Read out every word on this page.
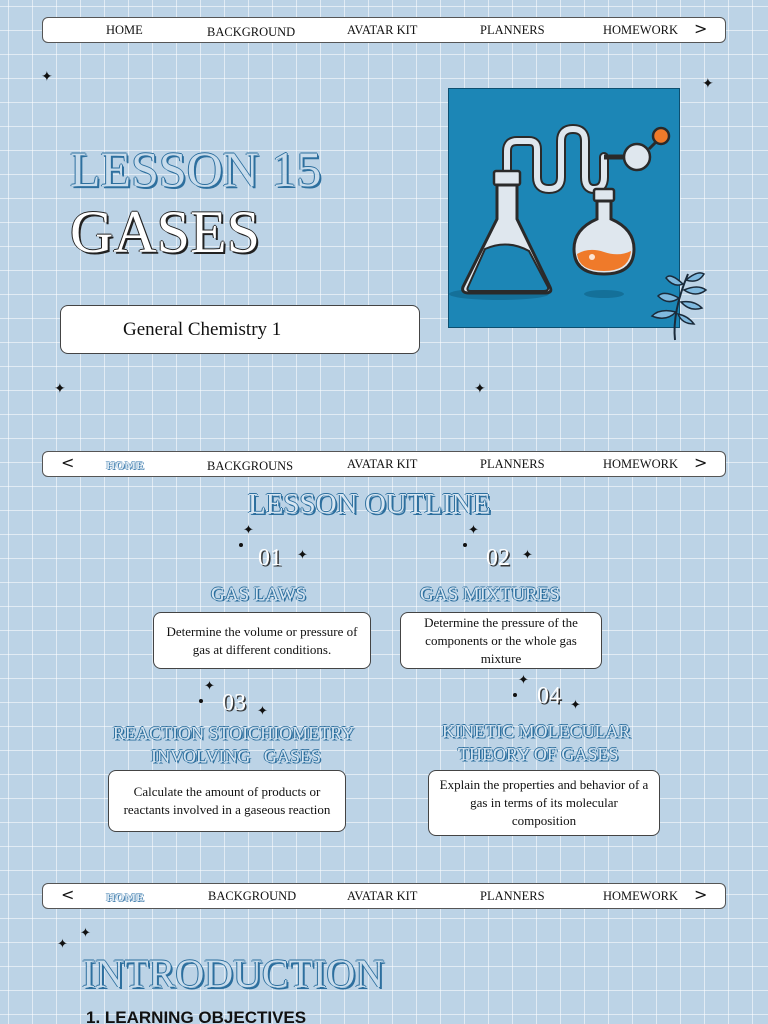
HOME	BACKGROUND	AVATAR KIT	PLANNERS	HOMEWORK >
LESSON 15
GASES
General Chemistry 1
✦	✦
✦	✦
<	HOME	BACKGROUNS	AVATAR KIT	PLANNERS	HOMEWORK >
LESSON OUTLINE
✦
✦
01
GAS LAWS
Determine the volume or pressure of gas at different conditions.
✦
✦
02
GAS MIXTURES
Determine the pressure of the components or the whole gas mixture
✦
✦
03
REACTION STOICHIOMETRY
INVOLVING   GASES
Calculate the amount of products or reactants involved in a gaseous reaction
✦
✦
04
KINETIC MOLECULAR
THEORY OF GASES
Explain the properties and behavior of a gas in terms of its molecular composition
<	HOME	BACKGROUND	AVATAR KIT	PLANNERS	HOMEWORK >
✦
✦
INTRODUCTION
1. LEARNING OBJECTIVES
